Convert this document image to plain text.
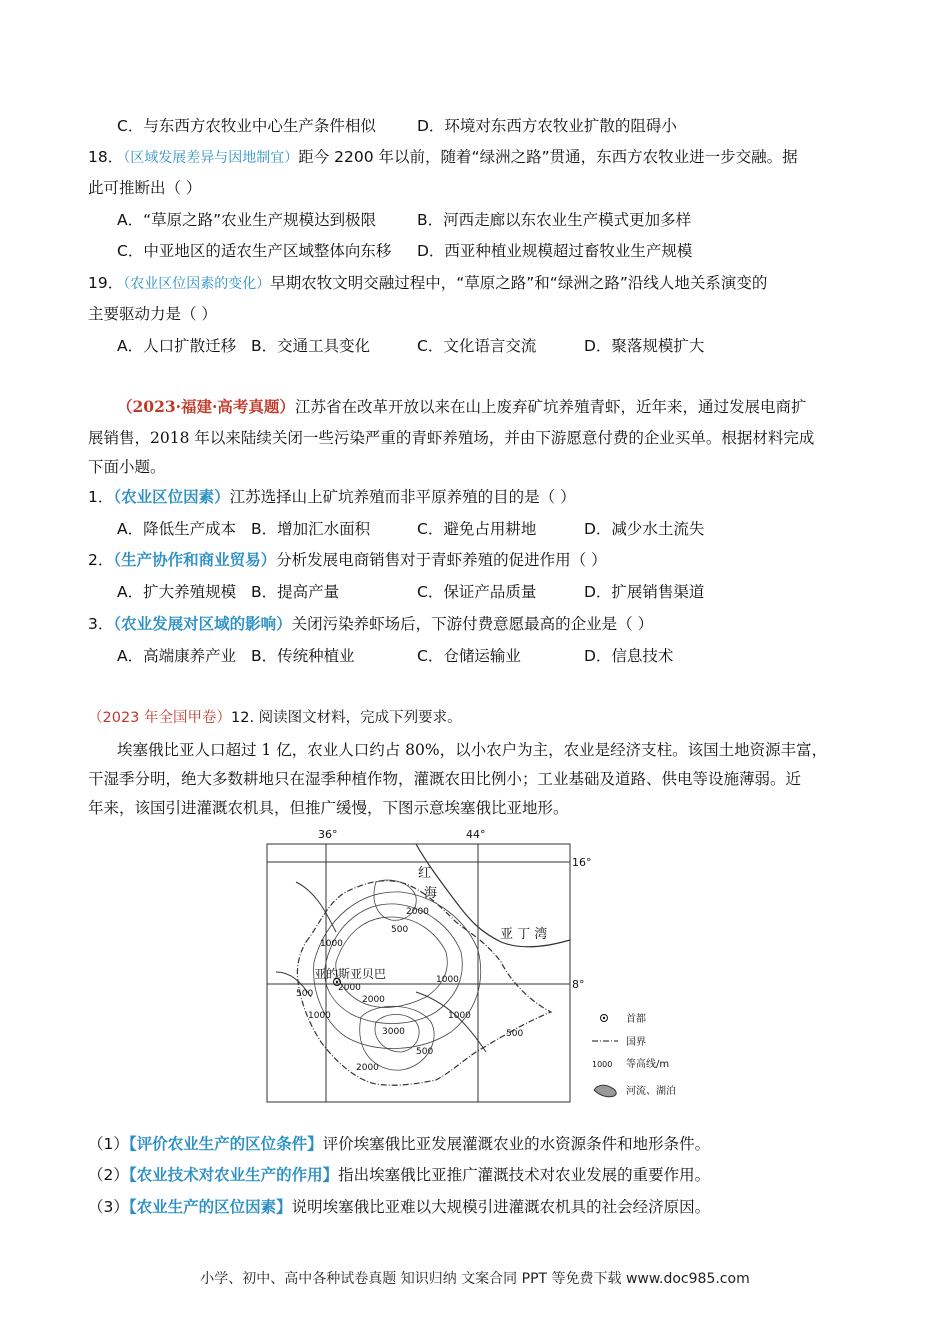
C．与东西方农牧业中心生产条件相似	D．环境对东西方农牧业扩散的阻碍小
18．（区域发展差异与因地制宜）距今 2200 年以前，随着“绿洲之路”贯通，东西方农牧业进一步交融。据
此可推断出（ ）
A．“草原之路”农业生产规模达到极限	B．河西走廊以东农业生产模式更加多样
C．中亚地区的适农生产区域整体向东移 D．西亚种植业规模超过畜牧业生产规模
19．（农业区位因素的变化）早期农牧文明交融过程中，“草原之路”和“绿洲之路”沿线人地关系演变的
主要驱动力是（ ）
A．人口扩散迁移 B．交通工具变化	C．文化语言交流	D．聚落规模扩大
（2023·福建·高考真题）江苏省在改革开放以来在山上废弃矿坑养殖青虾，近年来，通过发展电商扩
展销售，2018 年以来陆续关闭一些污染严重的青虾养殖场，并由下游愿意付费的企业买单。根据材料完成
下面小题。
1．（农业区位因素）江苏选择山上矿坑养殖而非平原养殖的目的是（ ）
A．降低生产成本 B．增加汇水面积	C．避免占用耕地	D．减少水土流失
2．（生产协作和商业贸易）分析发展电商销售对于青虾养殖的促进作用（ ）
A．扩大养殖规模 B．提高产量	C．保证产品质量	D．扩展销售渠道
3．（农业发展对区域的影响）关闭污染养虾场后，下游付费意愿最高的企业是（ ）
A．高端康养产业 B．传统种植业	C．仓储运输业	D．信息技术
（2023 年全国甲卷）12. 阅读图文材料，完成下列要求。
埃塞俄比亚人口超过 1 亿，农业人口约占 80%，以小农户为主，农业是经济支柱。该国土地资源丰富，
干湿季分明，绝大多数耕地只在湿季种植作物，灌溉农田比例小；工业基础及道路、供电等设施薄弱。近
年来，该国引进灌溉农机具，但推广缓慢，下图示意埃塞俄比亚地形。
36°	44°
16°
8°
红
海
亚 丁 湾
亚的斯亚贝巴
2000
1000
500
2000
500
1000
2000
3000
1000
500
2000
1000
500
首都
国界
1000 等高线/m
河流、湖泊
（1）【评价农业生产的区位条件】评价埃塞俄比亚发展灌溉农业的水资源条件和地形条件。
（2）【农业技术对农业生产的作用】指出埃塞俄比亚推广灌溉技术对农业发展的重要作用。
（3）【农业生产的区位因素】说明埃塞俄比亚难以大规模引进灌溉农机具的社会经济原因。
小学、初中、高中各种试卷真题 知识归纳 文案合同 PPT 等免费下载 www.doc985.com
